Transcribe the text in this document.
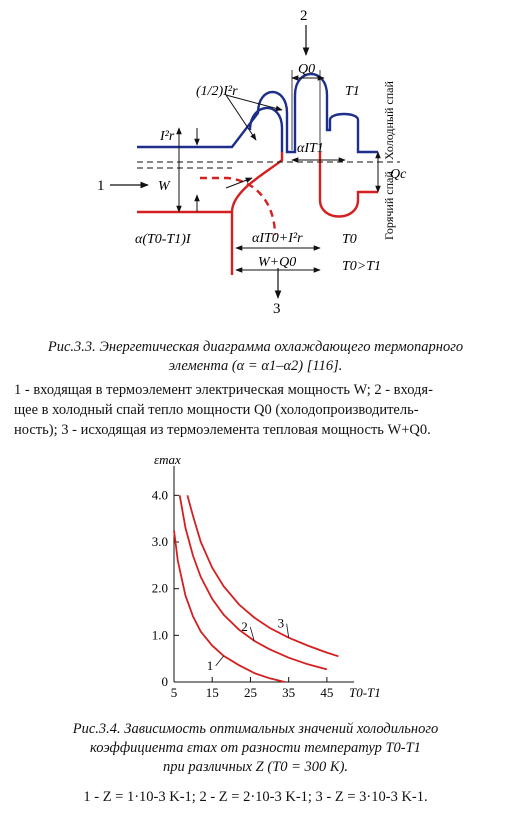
2
1
3
Q0
T1
(1/2)I²r
I²r
W
αIT1
Qc
α(T0-T1)I	αIT0+I²r	T0
W+Q0	T0>T1
Холодный спай
Горячий спай
Рис.3.3. Энергетическая диаграмма охлаждающего термопарного
элемента (α = α1–α2) [116].
1 - входящая в термоэлемент электрическая мощность W; 2 - входя-
щее в холодный спай тепло мощности Q0 (холодопроизводитель-
ность); 3 - исходящая из термоэлемента тепловая мощность W+Q0.
5 15 25 35 45
0
1.0
2.0
3.0
4.0
T0-T1
εmax
1
2 3
Рис.3.4. Зависимость оптимальных значений холодильного
коэффициента εmax от разности температур T0-T1
при различных Z (T0 = 300 K).
1 - Z = 1·10-3 K-1; 2 - Z = 2·10-3 K-1; 3 - Z = 3·10-3 K-1.
